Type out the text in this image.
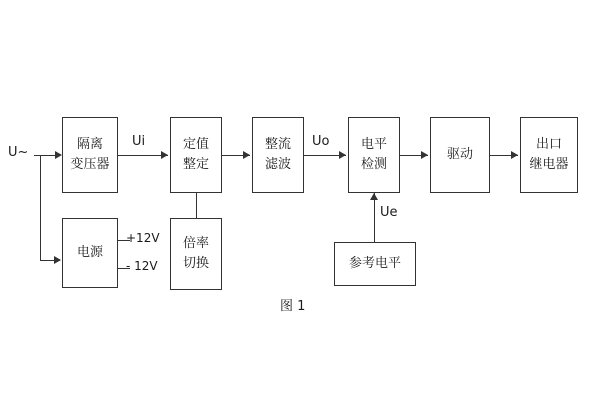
U~
隔离
变压器
Ui	定值
整定
整流
滤波
Uo 电平
检测
驱动
出口
继电器
电源
+12V
- 12V
倍率
切换
Ue
参考电平
图 1
